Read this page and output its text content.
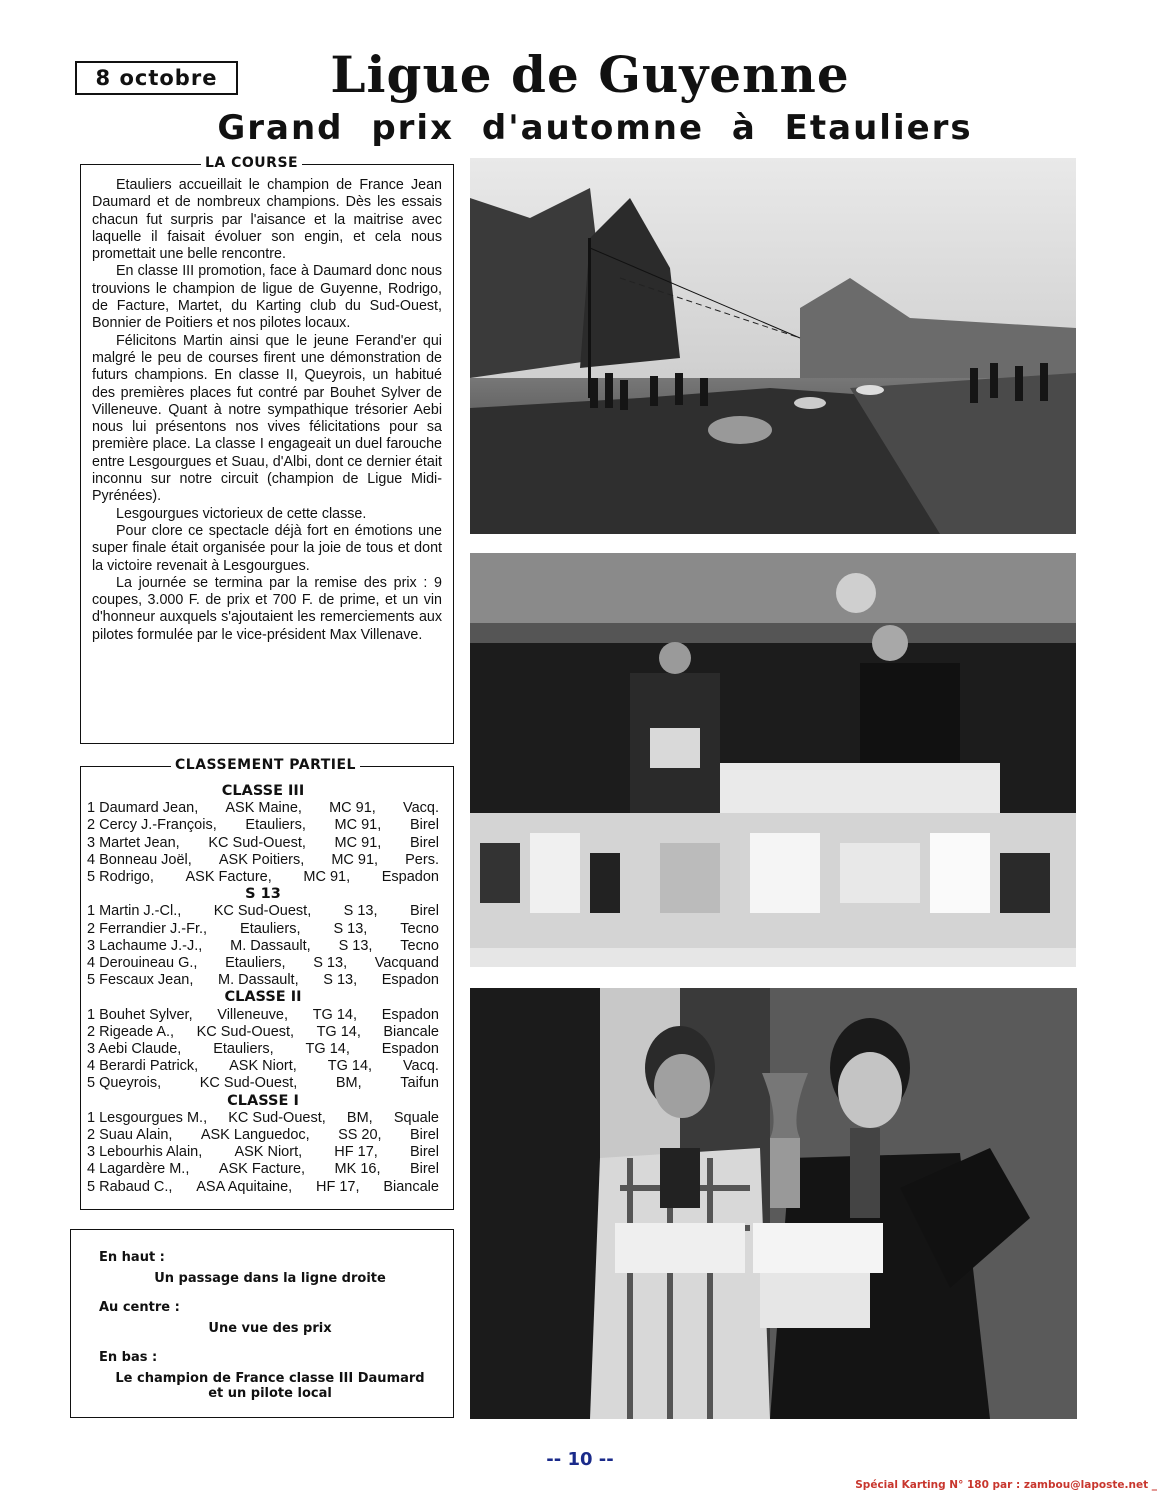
8 octobre	Ligue de Guyenne
Grand prix d'automne à Etauliers
LA COURSE

Etauliers accueillait le champion de France Jean Daumard et de nombreux champions. Dès les essais chacun fut surpris par l'aisance et la maitrise avec laquelle il faisait évoluer son engin, et cela nous promettait une belle rencontre.

En classe III promotion, face à Daumard donc nous trouvions le champion de ligue de Guyenne, Rodrigo, de Facture, Martet, du Karting club du Sud-Ouest, Bonnier de Poitiers et nos pilotes locaux.

Félicitons Martin ainsi que le jeune Ferand'er qui malgré le peu de courses firent une démonstration de futurs champions. En classe II, Queyrois, un habitué des premières places fut contré par Bouhet Sylver de Villeneuve. Quant à notre sympathique trésorier Aebi nous lui présentons nos vives félicitations pour sa première place. La classe I engageait un duel farouche entre Lesgourgues et Suau, d'Albi, dont ce dernier était inconnu sur notre circuit (champion de Ligue Midi-Pyrénées).

Lesgourgues victorieux de cette classe.

Pour clore ce spectacle déjà fort en émotions une super finale était organisée pour la joie de tous et dont la victoire revenait à Lesgourgues.

La journée se termina par la remise des prix : 9 coupes, 3.000 F. de prix et 700 F. de prime, et un vin d'honneur auxquels s'ajoutaient les remerciements aux pilotes formulée par le vice-président Max Villenave.

CLASSEMENT PARTIEL
CLASSE III
1 Daumard Jean, ASK Maine, MC 91, Vacq.
2 Cercy J.-François, Etauliers, MC 91, Birel
3 Martet Jean, KC Sud-Ouest, MC 91, Birel
4 Bonneau Joël, ASK Poitiers, MC 91, Pers.
5 Rodrigo, ASK Facture, MC 91, Espadon
S 13
1 Martin J.-Cl., KC Sud-Ouest, S 13, Birel
2 Ferrandier J.-Fr., Etauliers, S 13, Tecno
3 Lachaume J.-J., M. Dassault, S 13, Tecno
4 Derouineau G., Etauliers, S 13, Vacquand
5 Fescaux Jean, M. Dassault, S 13, Espadon
CLASSE II
1 Bouhet Sylver, Villeneuve, TG 14, Espadon
2 Rigeade A., KC Sud-Ouest, TG 14, Biancale
3 Aebi Claude, Etauliers, TG 14, Espadon
4 Berardi Patrick, ASK Niort, TG 14, Vacq.
5 Queyrois,	KC Sud-Ouest,	BM,	Taifun
CLASSE I
1 Lesgourgues M., KC Sud-Ouest, BM, Squale
2 Suau Alain, ASK Languedoc, SS 20, Birel
3 Lebourhis Alain, ASK Niort, HF 17, Birel
4 Lagardère M., ASK Facture, MK 16, Birel
5 Rabaud C., ASA Aquitaine, HF 17, Biancale
En haut :
Un passage dans la ligne droite
Au centre :
Une vue des prix
En bas :
Le champion de France classe III Daumard et un pilote local
-- 10 --
Spécial Karting N° 180 par : zambou@laposte.net _
